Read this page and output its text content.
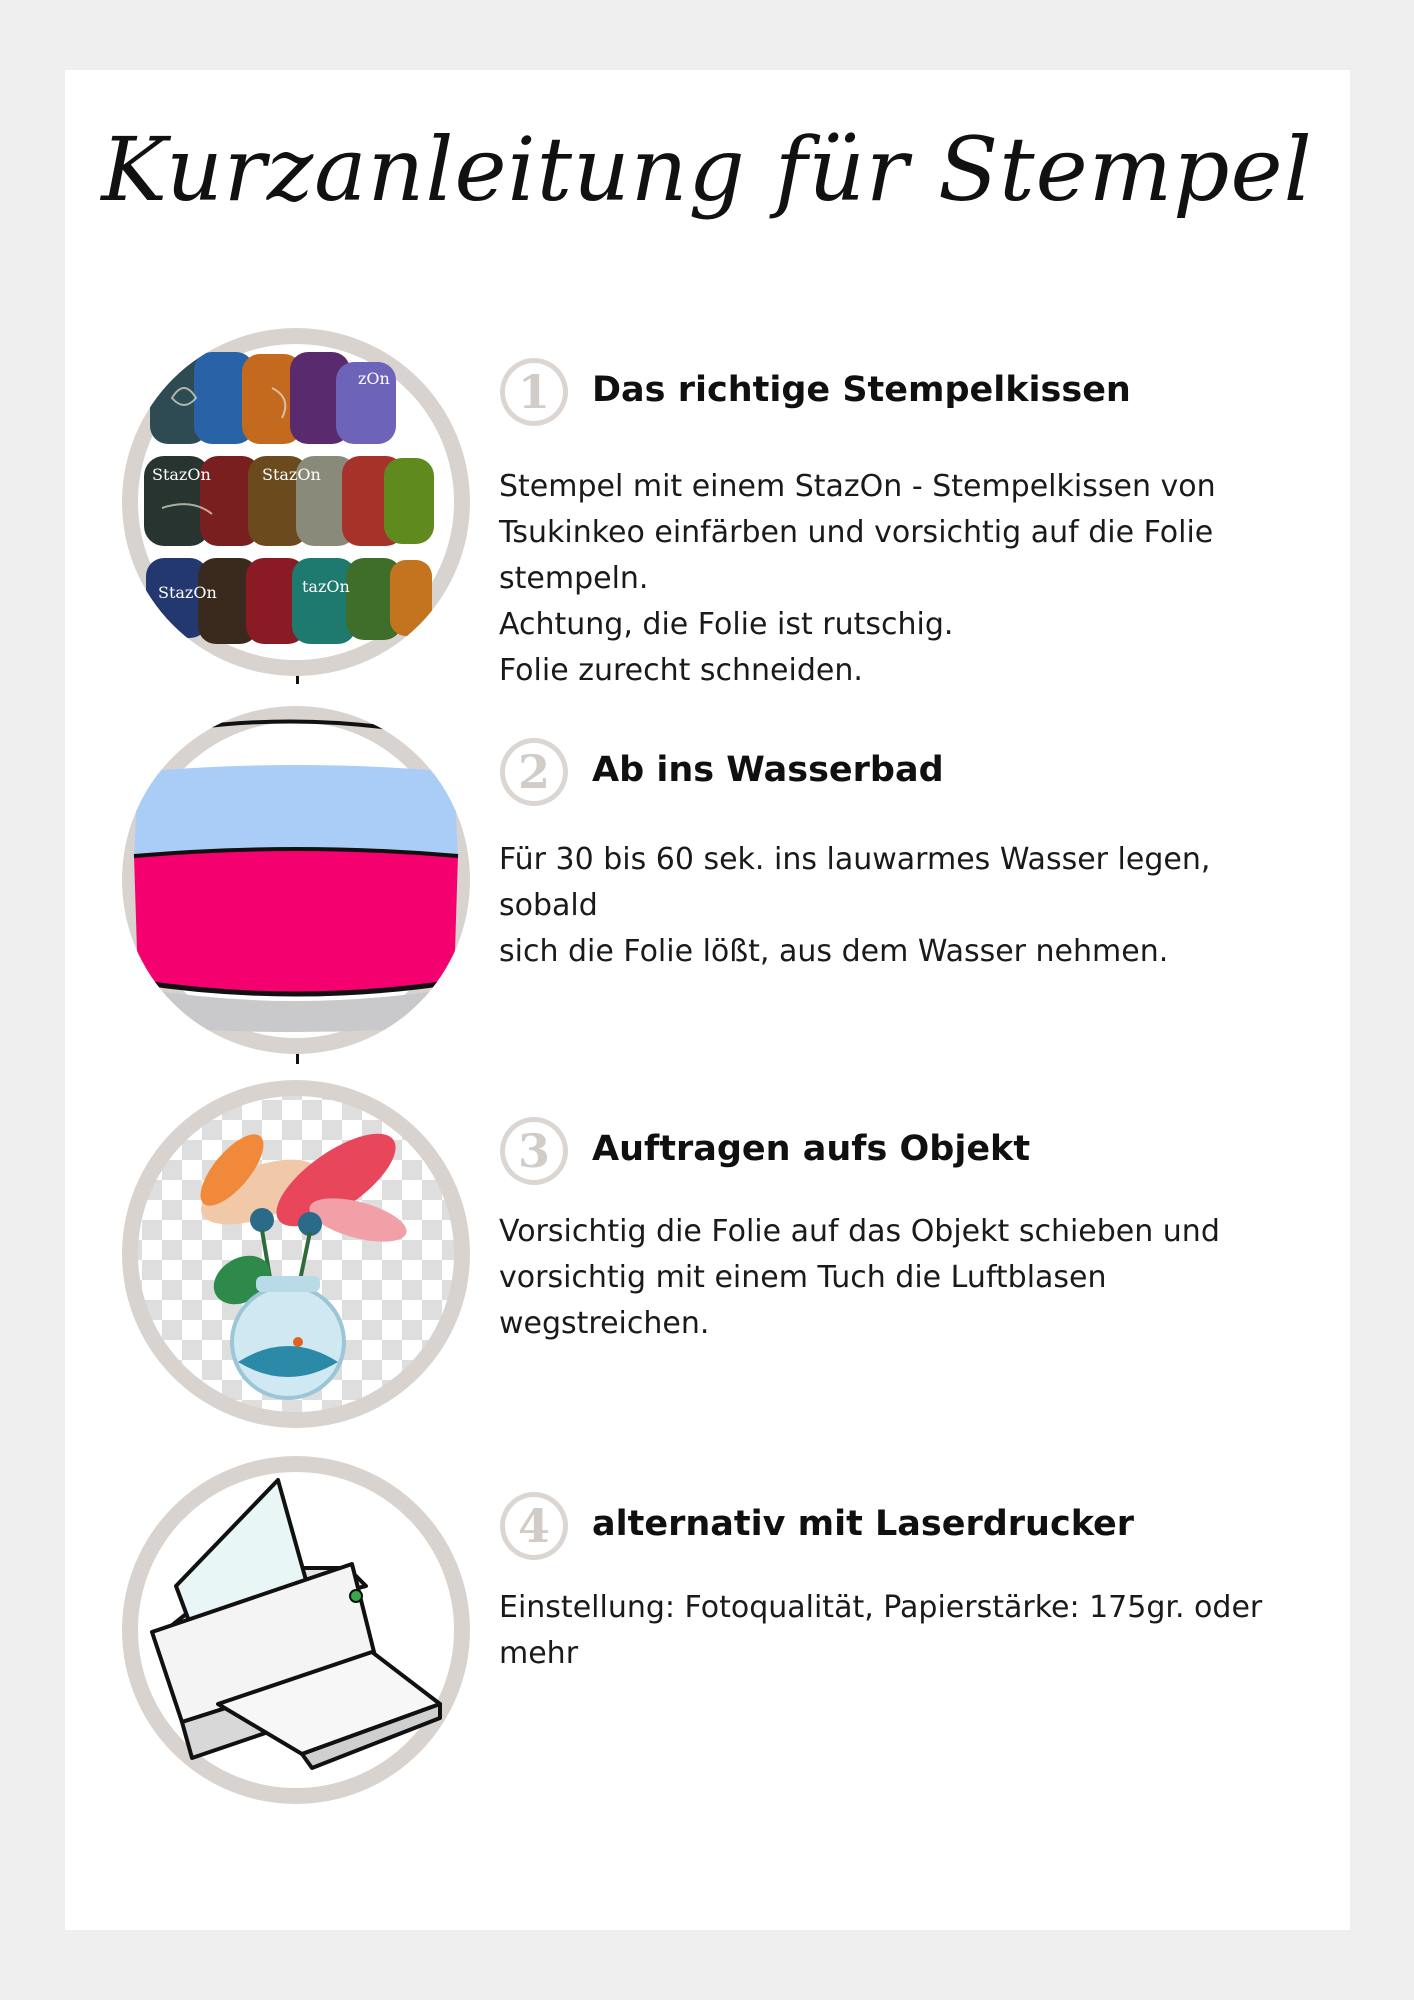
Kurzanleitung für Stempel
StazOn
zOn
StazOn	tazOn
StazOn
1	Das richtige Stempelkissen
Stempel mit einem StazOn - Stempelkissen von
Tsukinkeo einfärben und vorsichtig auf die Folie
stempeln.
Achtung, die Folie ist rutschig.
Folie zurecht schneiden.
2	Ab ins Wasserbad
Für 30 bis 60 sek. ins lauwarmes Wasser legen, sobald
sich die Folie lößt, aus dem Wasser nehmen.
3	Auftragen aufs Objekt
Vorsichtig die Folie auf das Objekt schieben und
vorsichtig mit einem Tuch die Luftblasen
wegstreichen.
4	alternativ mit Laserdrucker
Einstellung: Fotoqualität, Papierstärke: 175gr. oder
mehr
